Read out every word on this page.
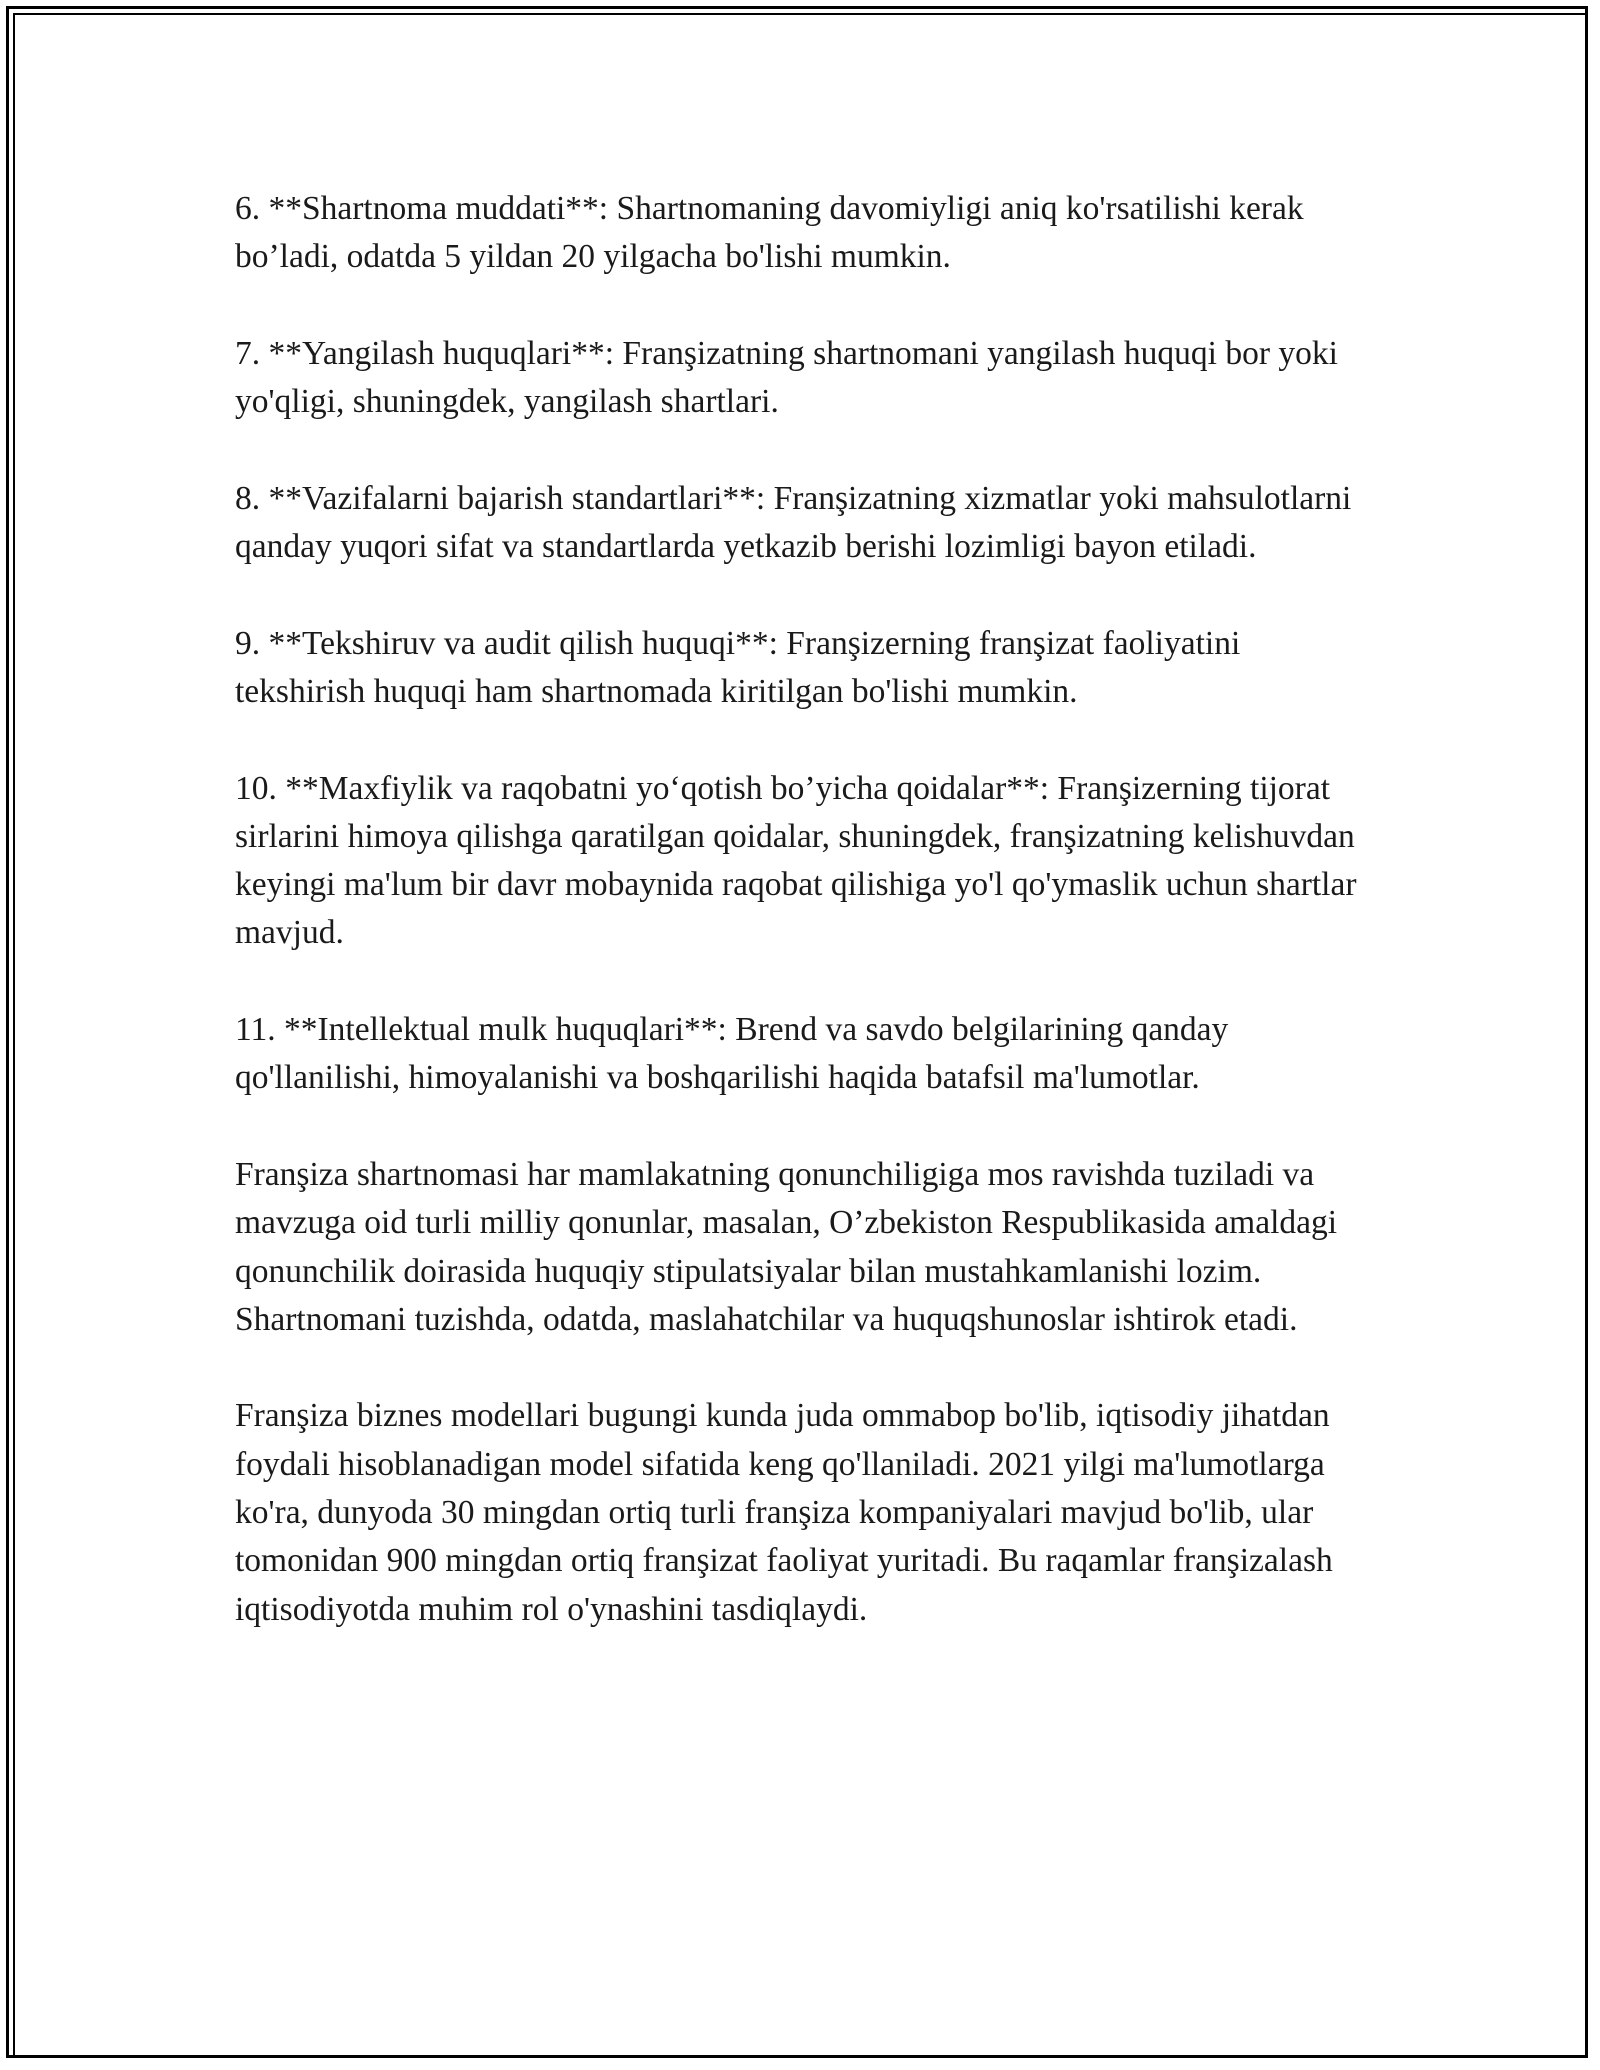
6. **Shartnoma muddati**: Shartnomaning davomiyligi aniq ko'rsatilishi kerak bo’ladi, odatda 5 yildan 20 yilgacha bo'lishi mumkin.

7. **Yangilash huquqlari**: Franşizatning shartnomani yangilash huquqi bor yoki yo'qligi, shuningdek, yangilash shartlari.

8. **Vazifalarni bajarish standartlari**: Franşizatning xizmatlar yoki mahsulotlarni qanday yuqori sifat va standartlarda yetkazib berishi lozimligi bayon etiladi.

9. **Tekshiruv va audit qilish huquqi**: Franşizerning franşizat faoliyatini tekshirish huquqi ham shartnomada kiritilgan bo'lishi mumkin.

10. **Maxfiylik va raqobatni yo‘qotish bo’yicha qoidalar**: Franşizerning tijorat sirlarini himoya qilishga qaratilgan qoidalar, shuningdek, franşizatning kelishuvdan keyingi ma'lum bir davr mobaynida raqobat qilishiga yo'l qo'ymaslik uchun shartlar mavjud.

11. **Intellektual mulk huquqlari**: Brend va savdo belgilarining qanday qo'llanilishi, himoyalanishi va boshqarilishi haqida batafsil ma'lumotlar.

Franşiza shartnomasi har mamlakatning qonunchiligiga mos ravishda tuziladi va mavzuga oid turli milliy qonunlar, masalan, O’zbekiston Respublikasida amaldagi qonunchilik doirasida huquqiy stipulatsiyalar bilan mustahkamlanishi lozim. Shartnomani tuzishda, odatda, maslahatchilar va huquqshunoslar ishtirok etadi.

Franşiza biznes modellari bugungi kunda juda ommabop bo'lib, iqtisodiy jihatdan foydali hisoblanadigan model sifatida keng qo'llaniladi. 2021 yilgi ma'lumotlarga ko'ra, dunyoda 30 mingdan ortiq turli franşiza kompaniyalari mavjud bo'lib, ular tomonidan 900 mingdan ortiq franşizat faoliyat yuritadi. Bu raqamlar franşizalash iqtisodiyotda muhim rol o'ynashini tasdiqlaydi.
